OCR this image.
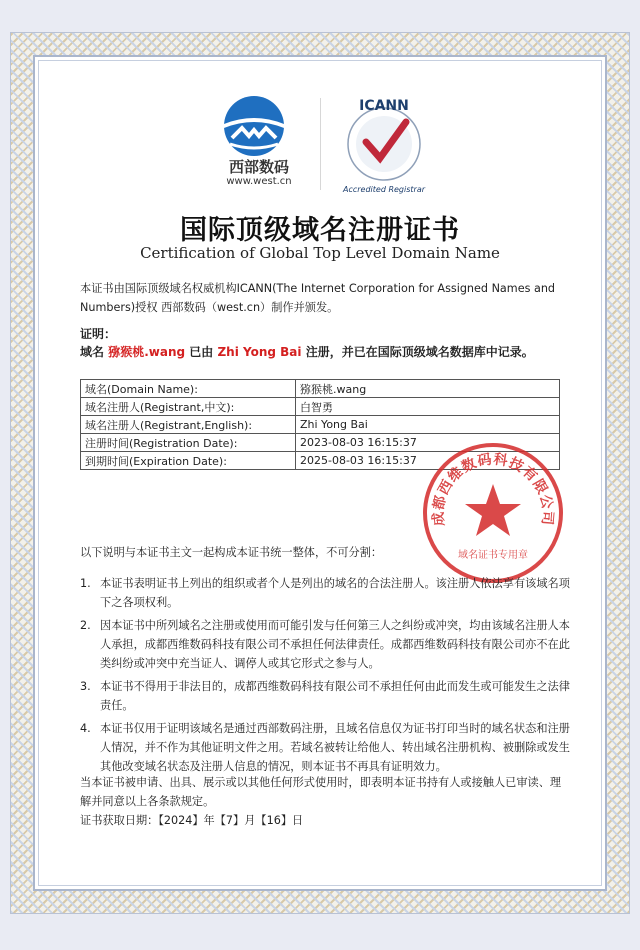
西部数码
www.west.cn
ICANN
Accredited Registrar
国际顶级域名注册证书
Certification of Global Top Level Domain Name
本证书由国际顶级域名权威机构ICANN(The Internet Corporation for Assigned Names and Numbers)授权 西部数码（west.cn）制作并颁发。
证明：
域名 猕猴桃.wang 已由 Zhi Yong Bai 注册，并已在国际顶级域名数据库中记录。
域名(Domain Name):	猕猴桃.wang
域名注册人(Registrant,中文):	白智勇
域名注册人(Registrant,English):	Zhi Yong Bai
注册时间(Registration Date):	2023-08-03 16:15:37
到期时间(Expiration Date):	2025-08-03 16:15:37
成都西维数码科技有限公司
域名证书专用章
以下说明与本证书主文一起构成本证书统一整体，不可分割：
1. 本证书表明证书上列出的组织或者个人是列出的域名的合法注册人。该注册人依法享有该域名项下之各项权利。
2. 因本证书中所列域名之注册或使用而可能引发与任何第三人之纠纷或冲突，均由该域名注册人本人承担，成都西维数码科技有限公司不承担任何法律责任。成都西维数码科技有限公司亦不在此类纠纷或冲突中充当证人、调停人或其它形式之参与人。
3. 本证书不得用于非法目的，成都西维数码科技有限公司不承担任何由此而发生或可能发生之法律责任。
4. 本证书仅用于证明该域名是通过西部数码注册，且域名信息仅为证书打印当时的域名状态和注册人情况，并不作为其他证明文件之用。若域名被转让给他人、转出域名注册机构、被删除或发生其他改变域名状态及注册人信息的情况，则本证书不再具有证明效力。
当本证书被申请、出具、展示或以其他任何形式使用时，即表明本证书持有人或接触人已审读、理解并同意以上各条款规定。
证书获取日期：【2024】年【7】月【16】日
